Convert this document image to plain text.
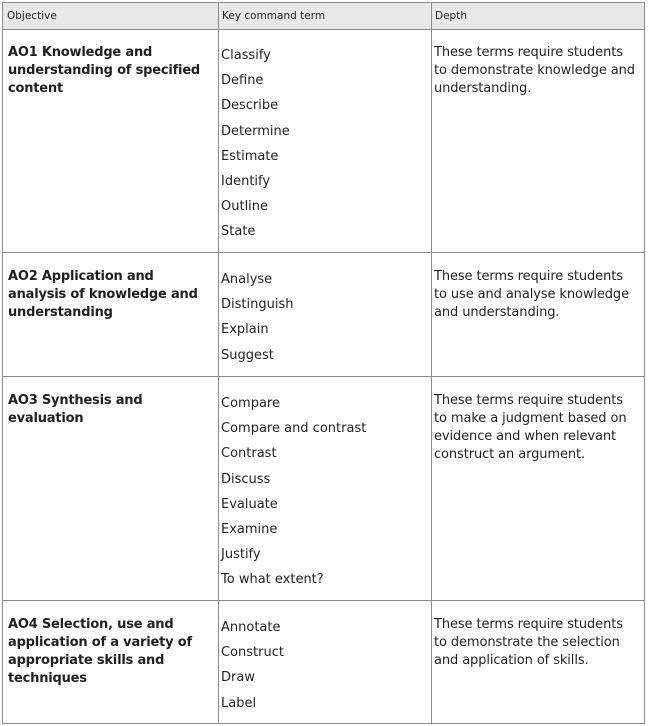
Objective	Key command term	Depth
AO1 Knowledge and understanding of specified content
Classify
Define
Describe
Determine
Estimate
Identify
Outline
State
These terms require students to demonstrate knowledge and understanding.
AO2 Application and analysis of knowledge and understanding
Analyse
Distinguish
Explain
Suggest
These terms require students to use and analyse knowledge and understanding.
AO3 Synthesis and evaluation
Compare
Compare and contrast
Contrast
Discuss
Evaluate
Examine
Justify
To what extent?
These terms require students to make a judgment based on evidence and when relevant construct an argument.
AO4 Selection, use and application of a variety of appropriate skills and techniques
Annotate
Construct
Draw
Label
These terms require students to demonstrate the selection and application of skills.
